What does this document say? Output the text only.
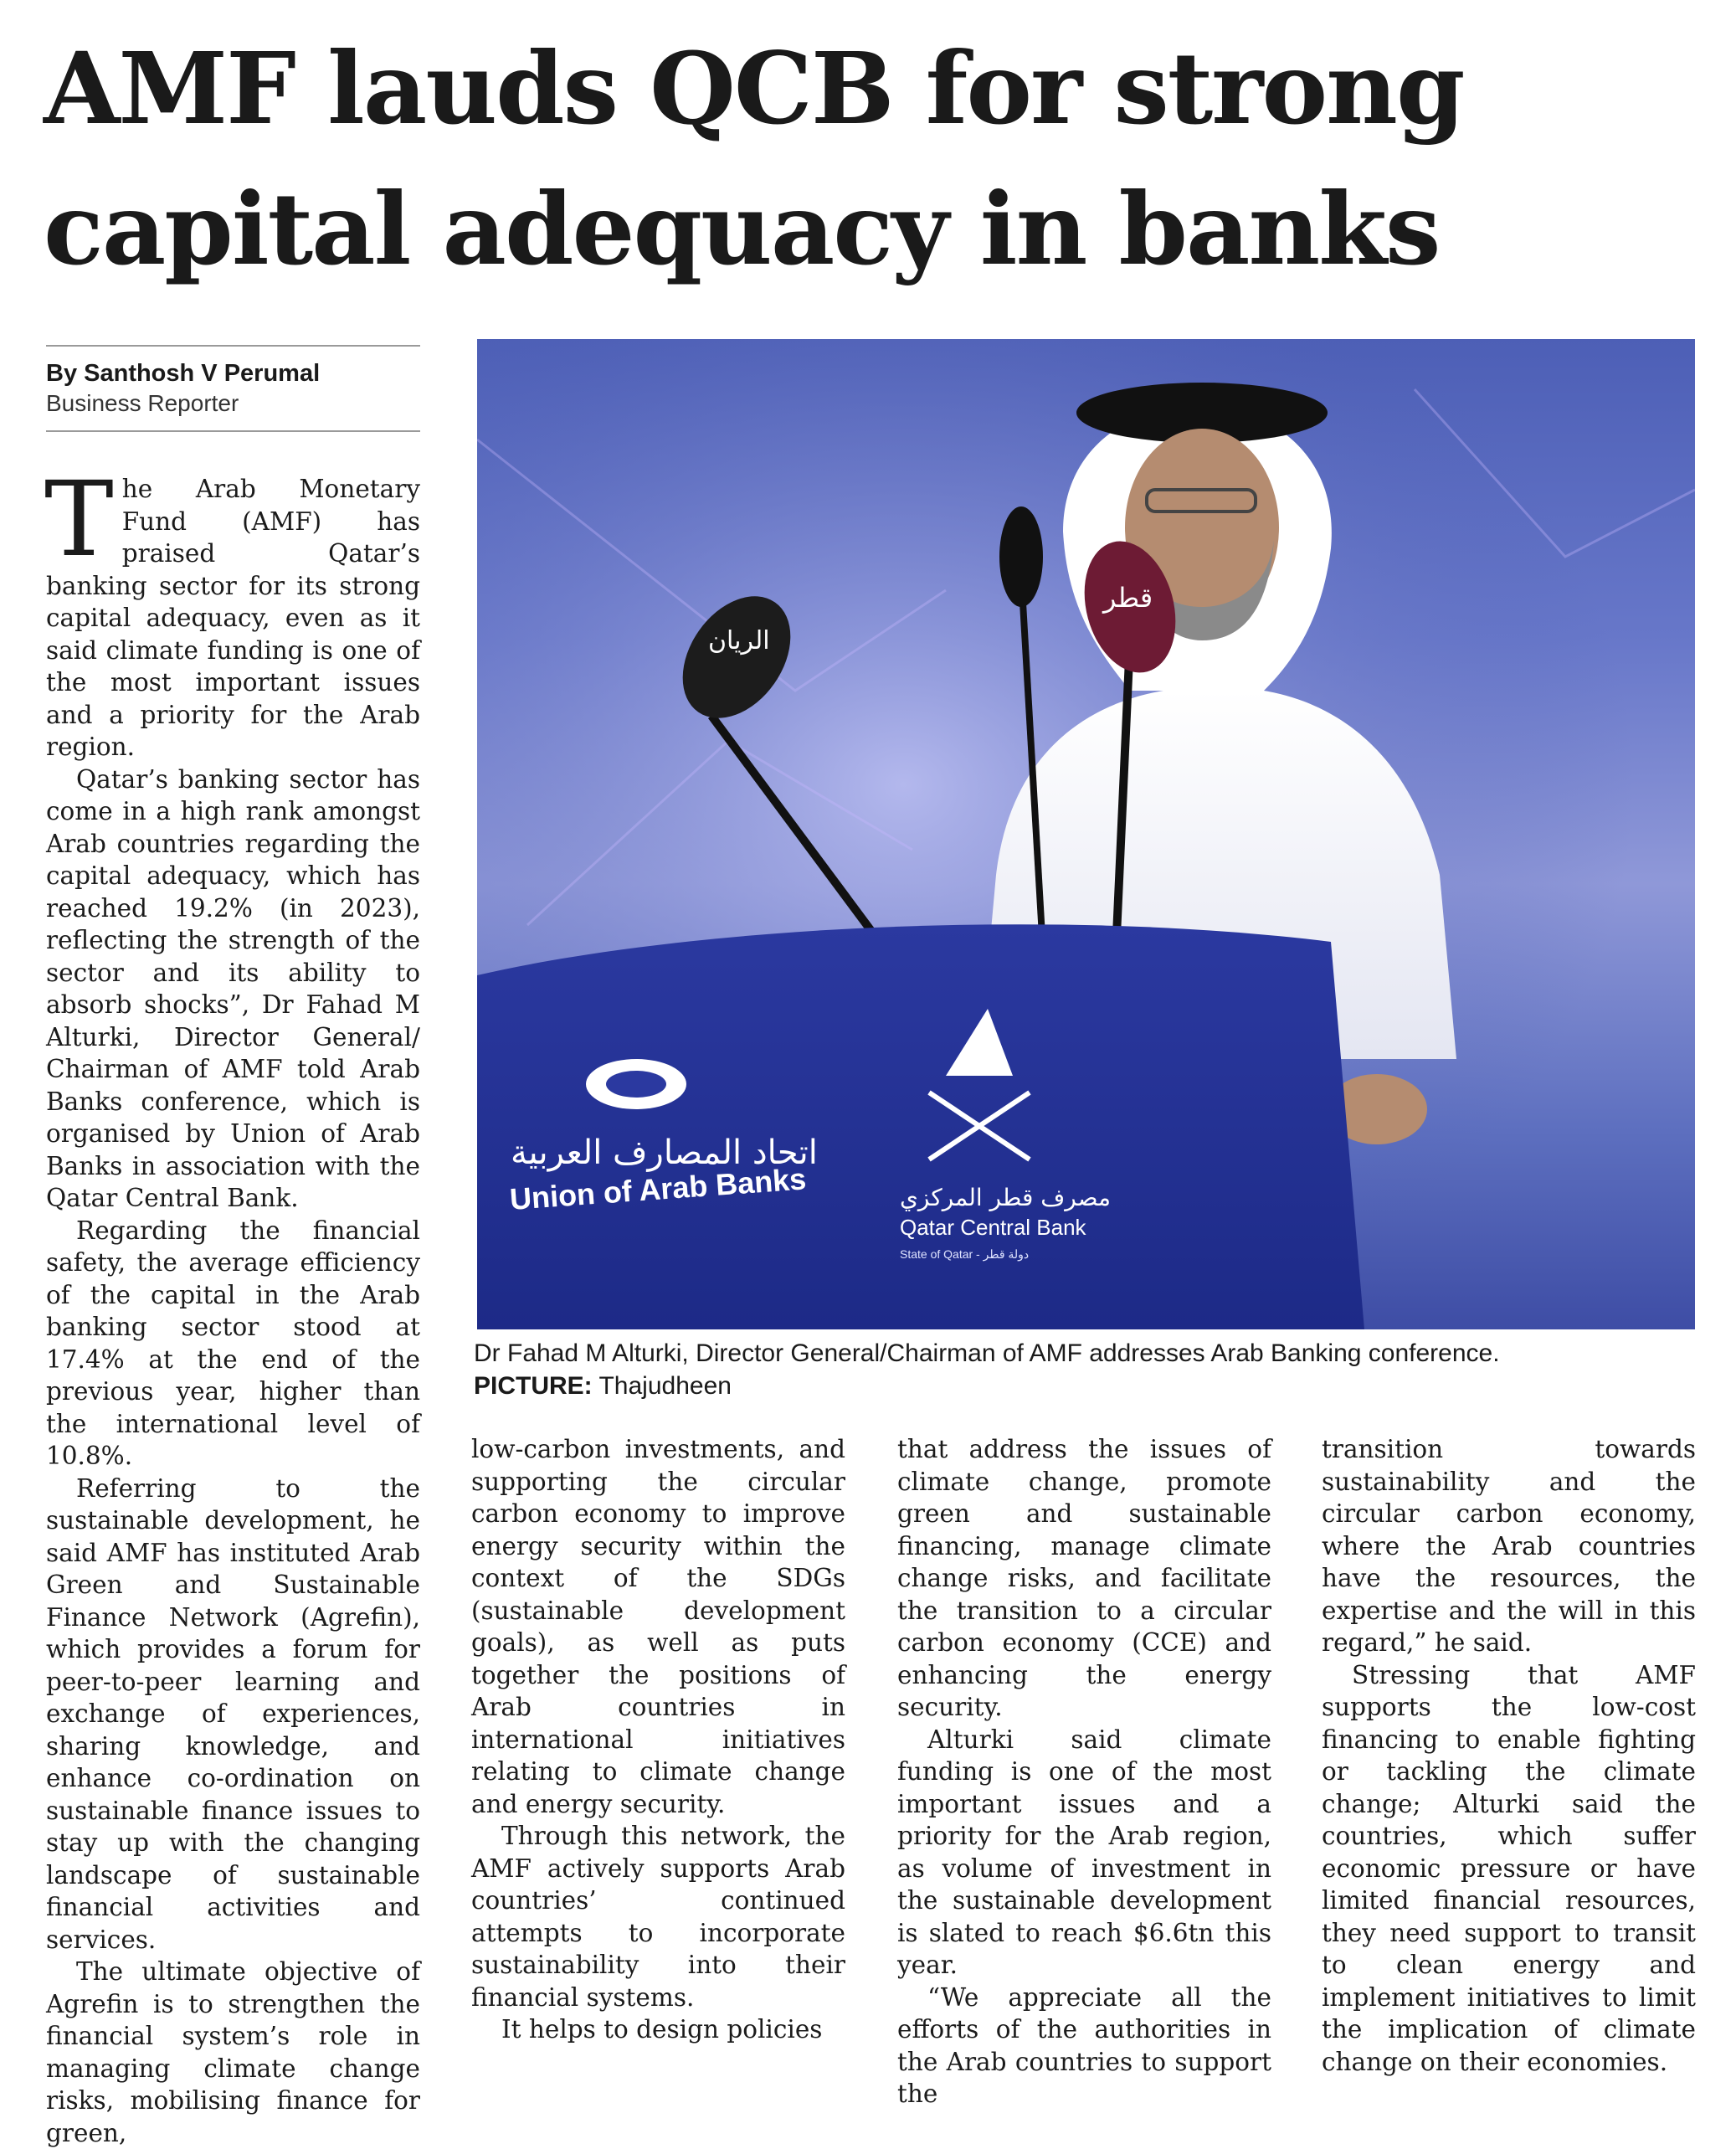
AMF lauds QCB for strong
capital adequacy in banks
By Santhosh V Perumal
Business Reporter

The Arab Monetary Fund (AMF) has praised Qatar’s banking sector for its strong capital adequacy, even as it said climate funding is one of the most important issues and a priority for the Arab region.

Qatar’s banking sector has come in a high rank amongst Arab countries regarding the capital adequacy, which has reached 19.2% (in 2023), reflecting the strength of the sector and its ability to absorb shocks”, Dr Fahad M Alturki, Director General/ Chairman of AMF told Arab Banks conference, which is organised by Union of Arab Banks in association with the Qatar Central Bank.

Regarding the financial safety, the average efficiency of the capital in the Arab banking sector stood at 17.4% at the end of the previous year, higher than the international level of 10.8%.

Referring to the sustainable development, he said AMF has instituted Arab Green and Sustainable Finance Network (Agrefin), which provides a forum for peer-to-peer learning and exchange of experiences, sharing knowledge, and enhance co-ordination on sustainable finance issues to stay up with the changing landscape of sustainable financial activities and services.

The ultimate objective of Agrefin is to strengthen the financial system’s role in managing climate change risks, mobilising finance for green,

الريان
قطر
اتحاد المصارف العربية
Union of Arab Banks	مصرف قطر المركزي
Qatar Central Bank
State of Qatar - دولة قطر
Dr Fahad M Alturki, Director General/Chairman of AMF addresses Arab Banking conference.
PICTURE: Thajudheen

low-carbon investments, and supporting the circular carbon economy to improve energy security within the context of the SDGs (sustainable development goals), as well as puts together the positions of Arab countries in international initiatives relating to climate change and energy security.

Through this network, the AMF actively supports Arab countries’ continued attempts to incorporate sustainability into their financial systems.

It helps to design policies

that address the issues of climate change, promote green and sustainable financing, manage climate change risks, and facilitate the transition to a circular carbon economy (CCE) and enhancing the energy security.

Alturki said climate funding is one of the most important issues and a priority for the Arab region, as volume of investment in the sustainable development is slated to reach $6.6tn this year.

“We appreciate all the efforts of the authorities in the Arab countries to support the

transition towards sustainability and the circular carbon economy, where the Arab countries have the resources, the expertise and the will in this regard,” he said.

Stressing that AMF supports the low-cost financing to enable fighting or tackling the climate change; Alturki said the countries, which suffer economic pressure or have limited financial resources, they need support to transit to clean energy and implement initiatives to limit the implication of climate change on their economies.
